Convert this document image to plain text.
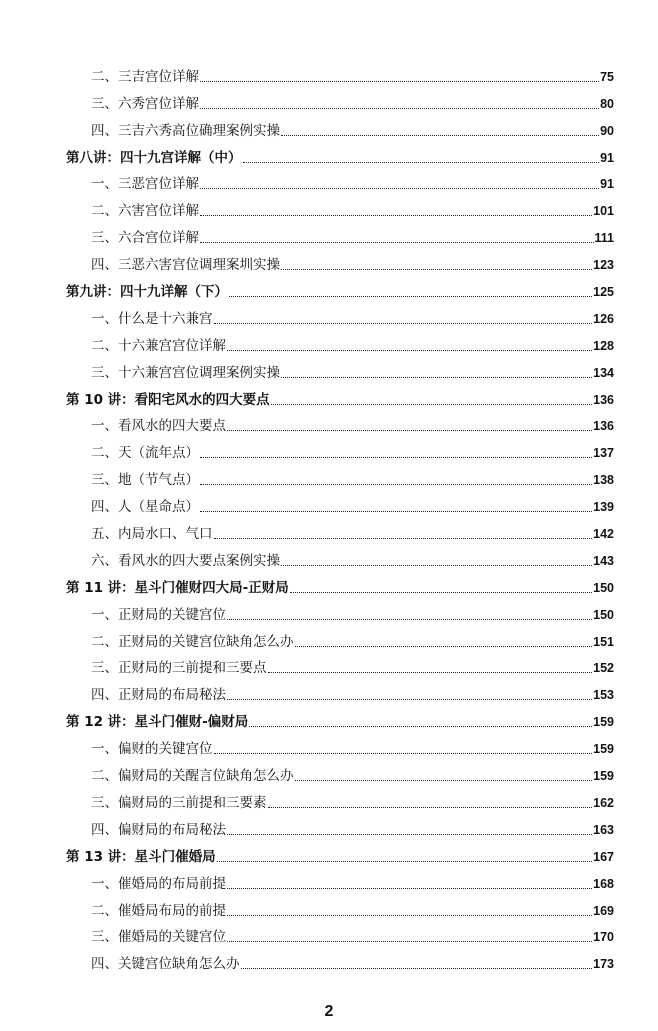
二、三吉宫位详解	75
三、六秀宫位详解	80
四、三吉六秀高位确理案例实操	90
第八讲：四十九宫详解（中）	91
一、三恶宫位详解	91
二、六害宫位详解	101
三、六合宫位详解	111
四、三恶六害宫位调理案圳实操	123
第九讲：四十九详解（下）	125
一、什么是十六兼宫	126
二、十六兼宫宫位详解	128
三、十六兼宫宫位调理案例实操	134
第 10 讲：看阳宅风水的四大要点	136
一、看风水的四大要点	136
二、天（流年点）	137
三、地（节气点）	138
四、人（星命点）	139
五、内局水口、气口	142
六、看风水的四大要点案例实操	143
第 11 讲：星斗门催财四大局-正财局	150
一、正财局的关键宫位	150
二、正财局的关键宫位缺角怎么办	151
三、正财局的三前提和三要点	152
四、正财局的布局秘法	153
第 12 讲：星斗门催财-偏财局	159
一、偏财的关键宫位	159
二、偏财局的关醒言位缺角怎么办	159
三、偏财局的三前提和三要素	162
四、偏财局的布局秘法	163
第 13 讲：星斗门催婚局	167
一、催婚局的布局前提	168
二、催婚局布局的前提	169
三、催婚局的关键宫位	170
四、关键宫位缺角怎么办	173
2
